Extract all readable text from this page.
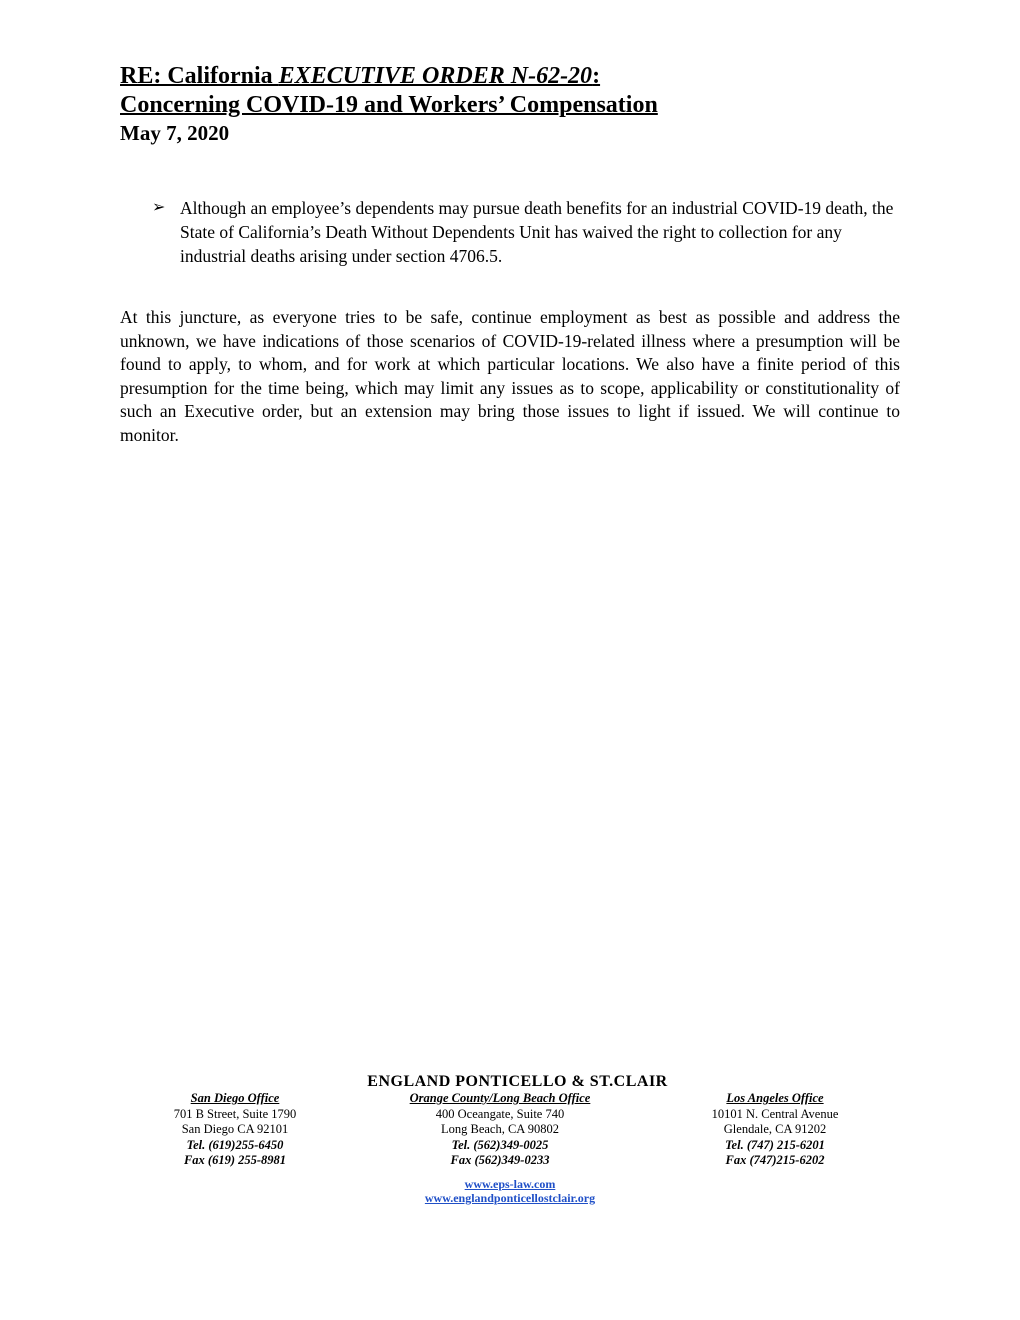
RE: California EXECUTIVE ORDER N-62-20:
Concerning COVID-19 and Workers’ Compensation
May 7, 2020
➢ Although an employee’s dependents may pursue death benefits for an industrial COVID-19 death, the State of California’s Death Without Dependents Unit has waived the right to collection for any industrial deaths arising under section 4706.5.
At this juncture, as everyone tries to be safe, continue employment as best as possible and address the unknown, we have indications of those scenarios of COVID-19-related illness where a presumption will be found to apply, to whom, and for work at which particular locations. We also have a finite period of this presumption for the time being, which may limit any issues as to scope, applicability or constitutionality of such an Executive order, but an extension may bring those issues to light if issued. We will continue to monitor.
ENGLAND PONTICELLO & ST.CLAIR
San Diego Office
701 B Street, Suite 1790
San Diego CA 92101
Tel. (619)255-6450
Fax (619) 255-8981
Orange County/Long Beach Office
400 Oceangate, Suite 740
Long Beach, CA 90802
Tel. (562)349-0025
Fax (562)349-0233
Los Angeles Office
10101 N. Central Avenue
Glendale, CA 91202
Tel. (747) 215-6201
Fax (747)215-6202
www.eps-law.com
www.englandponticellostclair.org
